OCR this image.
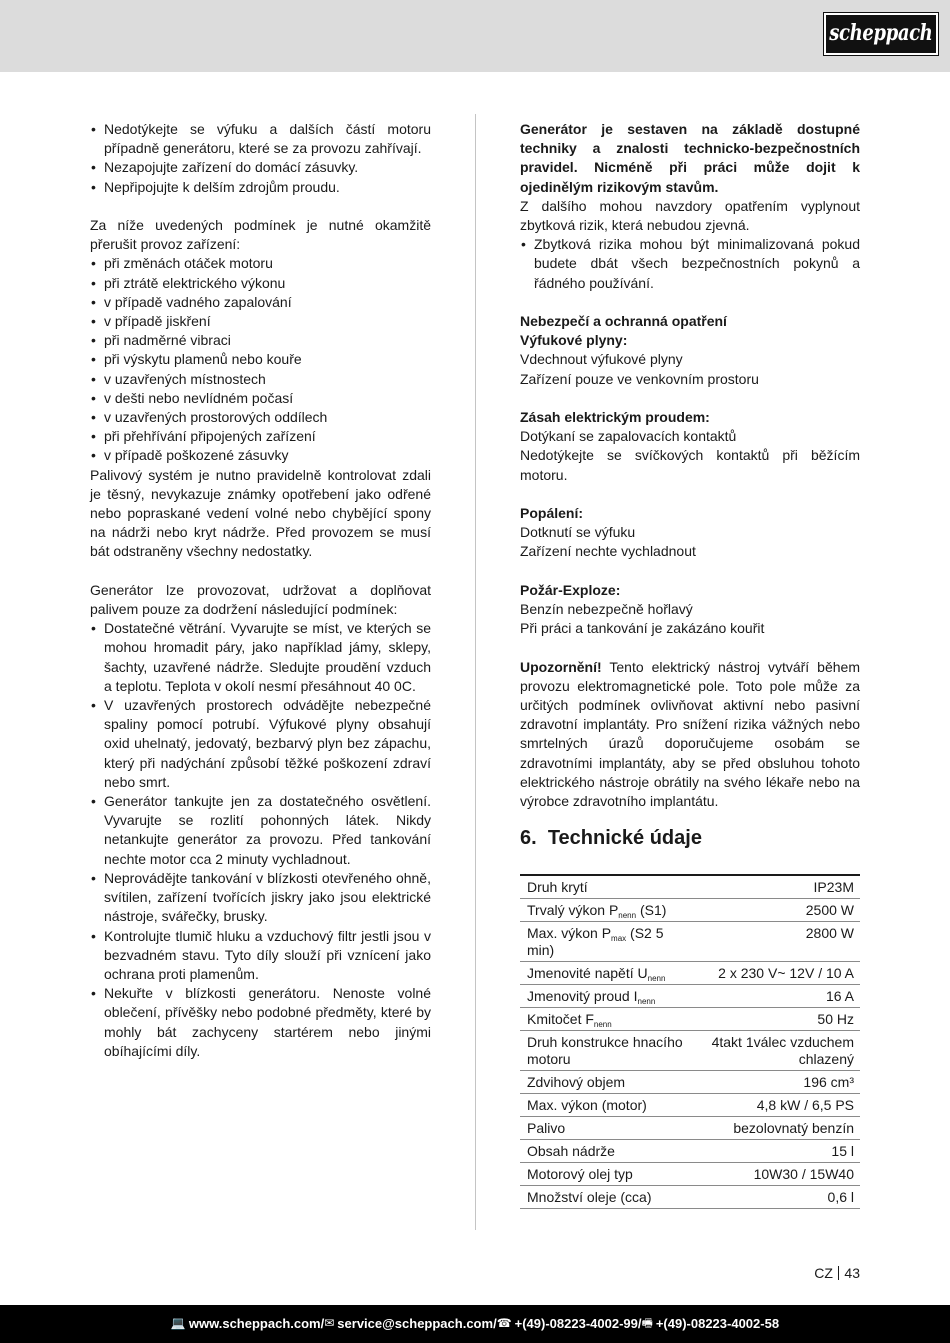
scheppach
• Nedotýkejte se výfuku a dalších částí motoru případně generátoru, které se za provozu zahřívají.
• Nezapojujte zařízení do domácí zásuvky.
• Nepřipojujte k delším zdrojům proudu.

Za níže uvedených podmínek je nutné okamžitě přerušit provoz zařízení:

• při změnách otáček motoru
• při ztrátě elektrického výkonu
• v případě vadného zapalování
• v případě jiskření
• při nadměrné vibraci
• při výskytu plamenů nebo kouře
• v uzavřených místnostech
• v dešti nebo nevlídném počasí
• v uzavřených prostorových oddílech
• při přehřívání připojených zařízení
• v případě poškozené zásuvky

Palivový systém je nutno pravidelně kontrolovat zdali je těsný, nevykazuje známky opotřebení jako odřené nebo popraskané vedení volné nebo chybějící spony na nádrži nebo kryt nádrže. Před provozem se musí bát odstraněny všechny nedostatky.

Generátor lze provozovat, udržovat a doplňovat palivem pouze za dodržení následující podmínek:

• Dostatečné větrání. Vyvarujte se míst, ve kterých se mohou hromadit páry, jako například jámy, sklepy, šachty, uzavřené nádrže. Sledujte proudění vzduch a teplotu. Teplota v okolí nesmí přesáhnout 40 0C.
• V uzavřených prostorech odvádějte nebezpečné spaliny pomocí potrubí. Výfukové plyny obsahují oxid uhelnatý, jedovatý, bezbarvý plyn bez zápachu, který při nadýchání způsobí těžké poškození zdraví nebo smrt.
• Generátor tankujte jen za dostatečného osvětlení. Vyvarujte se rozlití pohonných látek. Nikdy netankujte generátor za provozu. Před tankování nechte motor cca 2 minuty vychladnout.
• Neprovádějte tankování v blízkosti otevřeného ohně, svítilen, zařízení tvořících jiskry jako jsou elektrické nástroje, svářečky, brusky.
• Kontrolujte tlumič hluku a vzduchový filtr jestli jsou v bezvadném stavu. Tyto díly slouží při vznícení jako ochrana proti plamenům.
• Nekuřte v blízkosti generátoru. Nenoste volné oblečení, přívěšky nebo podobné předměty, které by mohly bát zachyceny startérem nebo jinými obíhajícími díly.

Generátor je sestaven na základě dostupné techniky a znalosti technicko-bezpečnostních pravidel. Nicméně při práci může dojit k ojedinělým rizikovým stavům.

Z dalšího mohou navzdory opatřením vyplynout zbytková rizik, která nebudou zjevná.

• Zbytková rizika mohou být minimalizovaná pokud budete dbát všech bezpečnostních pokynů a řádného používání.

Nebezpečí a ochranná opatření

Výfukové plyny:

Vdechnout výfukové plyny

Zařízení pouze ve venkovním prostoru

Zásah elektrickým proudem:

Dotýkaní se zapalovacích kontaktů

Nedotýkejte se svíčkových kontaktů při běžícím motoru.

Popálení:

Dotknutí se výfuku

Zařízení nechte vychladnout

Požár-Exploze:

Benzín nebezpečně hořlavý

Při práci a tankování je zakázáno kouřit

Upozornění! Tento elektrický nástroj vytváří během provozu elektromagnetické pole. Toto pole může za určitých podmínek ovlivňovat aktivní nebo pasivní zdravotní implantáty. Pro snížení rizika vážných nebo smrtelných úrazů doporučujeme osobám se zdravotními implantáty, aby se před obsluhou tohoto elektrického nástroje obrátily na svého lékaře nebo na výrobce zdravotního implantátu.

6. Technické údaje
Druh krytí	IP23M
Trvalý výkon $P_{nenn}$ (S1)	2500 W
Max. výkon $P_{max}$ (S2 5 min)	2800 W
Jmenovité napětí $U_{nenn}$	2 x 230 V~ 12V / 10 A
Jmenovitý proud $I_{nenn}$	16 A
Kmitočet $F_{nenn}$	50 Hz
Druh konstrukce hnacího motoru	4takt 1válec vzduchem chlazený
Zdvihový objem	196 cm³
Max. výkon (motor)	4,8 kW / 6,5 PS
Palivo	bezolovnatý benzín
Obsah nádrže	15 l
Motorový olej typ	10W30 / 15W40
Množství oleje (cca)	0,6 l
CZ 43
💻 www.scheppach.com / ✉ service@scheppach.com / ☎ +(49)-08223-4002-99 / 🖷 +(49)-08223-4002-58
